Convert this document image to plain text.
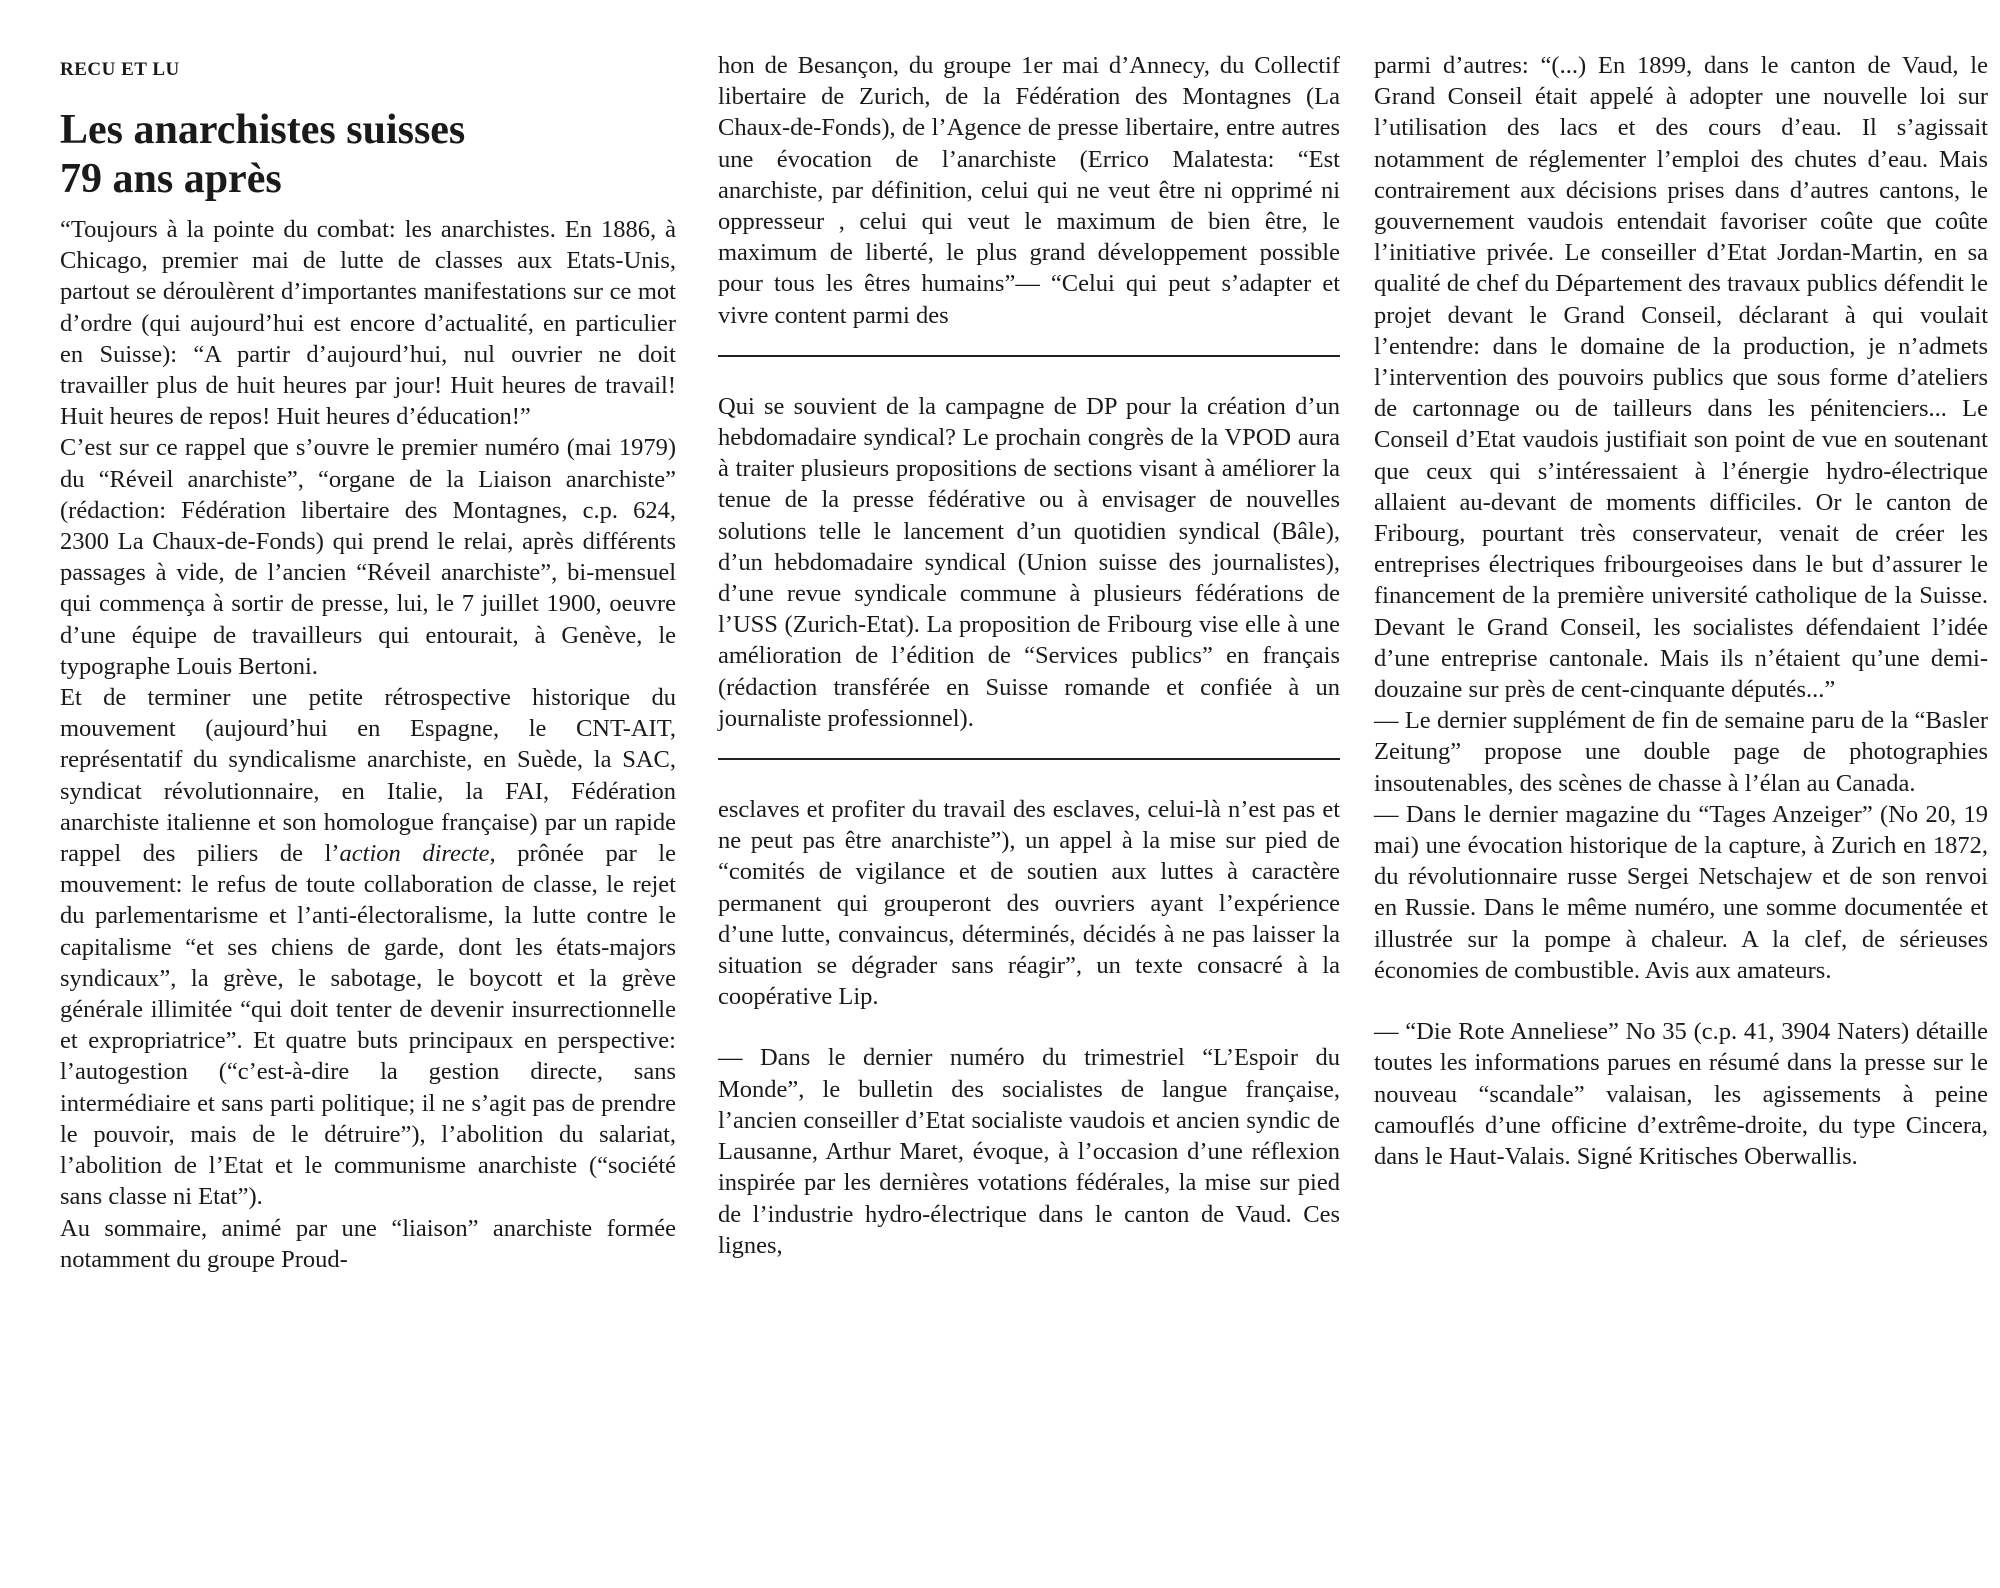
RECU ET LU
Les anarchistes suisses
79 ans après

“Toujours à la pointe du combat: les anarchistes. En 1886, à Chicago, premier mai de lutte de classes aux Etats-Unis, partout se déroulèrent d’importantes manifestations sur ce mot d’ordre (qui aujourd’hui est encore d’actualité, en particulier en Suisse): “A partir d’aujourd’hui, nul ouvrier ne doit travailler plus de huit heures par jour! Huit heures de travail! Huit heures de repos! Huit heures d’éducation!”

C’est sur ce rappel que s’ouvre le premier numéro (mai 1979) du “Réveil anarchiste”, “organe de la Liaison anarchiste” (rédaction: Fédération libertaire des Montagnes, c.p. 624, 2300 La Chaux-de-Fonds) qui prend le relai, après différents passages à vide, de l’ancien “Réveil anarchiste”, bi-mensuel qui commença à sortir de presse, lui, le 7 juillet 1900, oeuvre d’une équipe de travailleurs qui entourait, à Genève, le typographe Louis Bertoni.

Et de terminer une petite rétrospective historique du mouvement (aujourd’hui en Espagne, le CNT-AIT, représentatif du syndicalisme anarchiste, en Suède, la SAC, syndicat révolutionnaire, en Italie, la FAI, Fédération anarchiste italienne et son homologue française) par un rapide rappel des piliers de l’action directe, prônée par le mouvement: le refus de toute collaboration de classe, le rejet du parlementarisme et l’anti-électoralisme, la lutte contre le capitalisme “et ses chiens de garde, dont les états-majors syndicaux”, la grève, le sabotage, le boycott et la grève générale illimitée “qui doit tenter de devenir insurrectionnelle et expropriatrice”. Et quatre buts principaux en perspective: l’autogestion (“c’est-à-dire la gestion directe, sans intermédiaire et sans parti politique; il ne s’agit pas de prendre le pouvoir, mais de le détruire”), l’abolition du salariat, l’abolition de l’Etat et le communisme anarchiste (“société sans classe ni Etat”).

Au sommaire, animé par une “liaison” anarchiste formée notamment du groupe Proud-

hon de Besançon, du groupe 1er mai d’Annecy, du Collectif libertaire de Zurich, de la Fédération des Montagnes (La Chaux-de-Fonds), de l’Agence de presse libertaire, entre autres une évocation de l’anarchiste (Errico Malatesta: “Est anarchiste, par définition, celui qui ne veut être ni opprimé ni oppresseur , celui qui veut le maximum de bien être, le maximum de liberté, le plus grand développement possible pour tous les êtres humains”— “Celui qui peut s’adapter et vivre content parmi des

Qui se souvient de la campagne de DP pour la création d’un hebdomadaire syndical? Le prochain congrès de la VPOD aura à traiter plusieurs propositions de sections visant à améliorer la tenue de la presse fédérative ou à envisager de nouvelles solutions telle le lancement d’un quotidien syndical (Bâle), d’un hebdomadaire syndical (Union suisse des journalistes), d’une revue syndicale commune à plusieurs fédérations de l’USS (Zurich-Etat). La proposition de Fribourg vise elle à une amélioration de l’édition de “Services publics” en français (rédaction transférée en Suisse romande et confiée à un journaliste professionnel).

esclaves et profiter du travail des esclaves, celui-là n’est pas et ne peut pas être anarchiste”), un appel à la mise sur pied de “comités de vigilance et de soutien aux luttes à caractère permanent qui grouperont des ouvriers ayant l’expérience d’une lutte, convaincus, déterminés, décidés à ne pas laisser la situation se dégrader sans réagir”, un texte consacré à la coopérative Lip.

— Dans le dernier numéro du trimestriel “L’Espoir du Monde”, le bulletin des socialistes de langue française, l’ancien conseiller d’Etat socialiste vaudois et ancien syndic de Lausanne, Arthur Maret, évoque, à l’occasion d’une réflexion inspirée par les dernières votations fédérales, la mise sur pied de l’industrie hydro-électrique dans le canton de Vaud. Ces lignes,

parmi d’autres: “(...) En 1899, dans le canton de Vaud, le Grand Conseil était appelé à adopter une nouvelle loi sur l’utilisation des lacs et des cours d’eau. Il s’agissait notamment de réglementer l’emploi des chutes d’eau. Mais contrairement aux décisions prises dans d’autres cantons, le gouvernement vaudois entendait favoriser coûte que coûte l’initiative privée. Le conseiller d’Etat Jordan-Martin, en sa qualité de chef du Département des travaux publics défendit le projet devant le Grand Conseil, déclarant à qui voulait l’entendre: dans le domaine de la production, je n’admets l’intervention des pouvoirs publics que sous forme d’ateliers de cartonnage ou de tailleurs dans les pénitenciers... Le Conseil d’Etat vaudois justifiait son point de vue en soutenant que ceux qui s’intéressaient à l’énergie hydro-électrique allaient au-devant de moments difficiles. Or le canton de Fribourg, pourtant très conservateur, venait de créer les entreprises électriques fribourgeoises dans le but d’assurer le financement de la première université catholique de la Suisse. Devant le Grand Conseil, les socialistes défendaient l’idée d’une entreprise cantonale. Mais ils n’étaient qu’une demi-douzaine sur près de cent-cinquante députés...”

— Le dernier supplément de fin de semaine paru de la “Basler Zeitung” propose une double page de photographies insoutenables, des scènes de chasse à l’élan au Canada.

— Dans le dernier magazine du “Tages Anzeiger” (No 20, 19 mai) une évocation historique de la capture, à Zurich en 1872, du révolutionnaire russe Sergei Netschajew et de son renvoi en Russie. Dans le même numéro, une somme documentée et illustrée sur la pompe à chaleur. A la clef, de sérieuses économies de combustible. Avis aux amateurs.

— “Die Rote Anneliese” No 35 (c.p. 41, 3904 Naters) détaille toutes les informations parues en résumé dans la presse sur le nouveau “scandale” valaisan, les agissements à peine camouflés d’une officine d’extrême-droite, du type Cincera, dans le Haut-Valais. Signé Kritisches Oberwallis.
